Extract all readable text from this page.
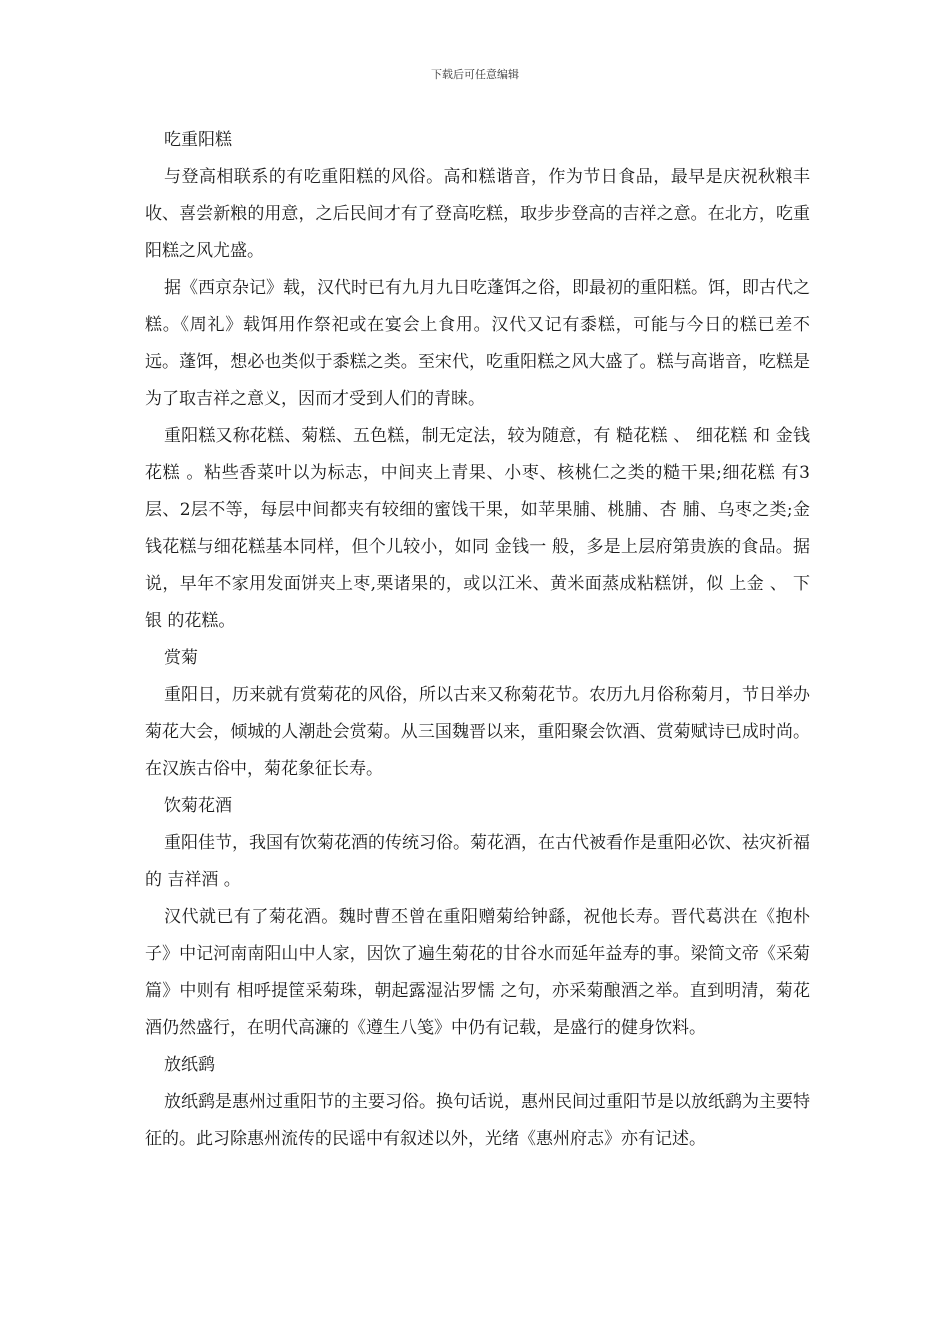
下载后可任意编辑

吃重阳糕

与登高相联系的有吃重阳糕的风俗。高和糕谐音，作为节日食品，最早是庆祝秋粮丰收、喜尝新粮的用意，之后民间才有了登高吃糕，取步步登高的吉祥之意。在北方，吃重阳糕之风尤盛。

据《西京杂记》载，汉代时已有九月九日吃蓬饵之俗，即最初的重阳糕。饵，即古代之糕。《周礼》载饵用作祭祀或在宴会上食用。汉代又记有黍糕，可能与今日的糕已差不远。蓬饵，想必也类似于黍糕之类。至宋代，吃重阳糕之风大盛了。糕与高谐音，吃糕是为了取吉祥之意义，因而才受到人们的青睐。

重阳糕又称花糕、菊糕、五色糕，制无定法，较为随意，有 糙花糕 、 细花糕 和 金钱花糕 。粘些香菜叶以为标志，中间夹上青果、小枣、核桃仁之类的糙干果;细花糕 有3层、2层不等，每层中间都夹有较细的蜜饯干果，如苹果脯、桃脯、杏 脯、乌枣之类;金钱花糕与细花糕基本同样，但个儿较小，如同 金钱一 般，多是上层府第贵族的食品。据说，早年不家用发面饼夹上枣,栗诸果的，或以江米、黄米面蒸成粘糕饼，似 上金 、 下银 的花糕。

赏菊

重阳日，历来就有赏菊花的风俗，所以古来又称菊花节。农历九月俗称菊月，节日举办菊花大会，倾城的人潮赴会赏菊。从三国魏晋以来，重阳聚会饮酒、赏菊赋诗已成时尚。在汉族古俗中，菊花象征长寿。

饮菊花酒

重阳佳节，我国有饮菊花酒的传统习俗。菊花酒，在古代被看作是重阳必饮、祛灾祈福的 吉祥酒 。

汉代就已有了菊花酒。魏时曹丕曾在重阳赠菊给钟繇，祝他长寿。晋代葛洪在《抱朴子》中记河南南阳山中人家，因饮了遍生菊花的甘谷水而延年益寿的事。梁简文帝《采菊篇》中则有 相呼提筐采菊珠，朝起露湿沾罗懦 之句，亦采菊酿酒之举。直到明清，菊花酒仍然盛行，在明代高濂的《遵生八笺》中仍有记载，是盛行的健身饮料。

放纸鹞

放纸鹞是惠州过重阳节的主要习俗。换句话说，惠州民间过重阳节是以放纸鹞为主要特征的。此习除惠州流传的民谣中有叙述以外，光绪《惠州府志》亦有记述。
